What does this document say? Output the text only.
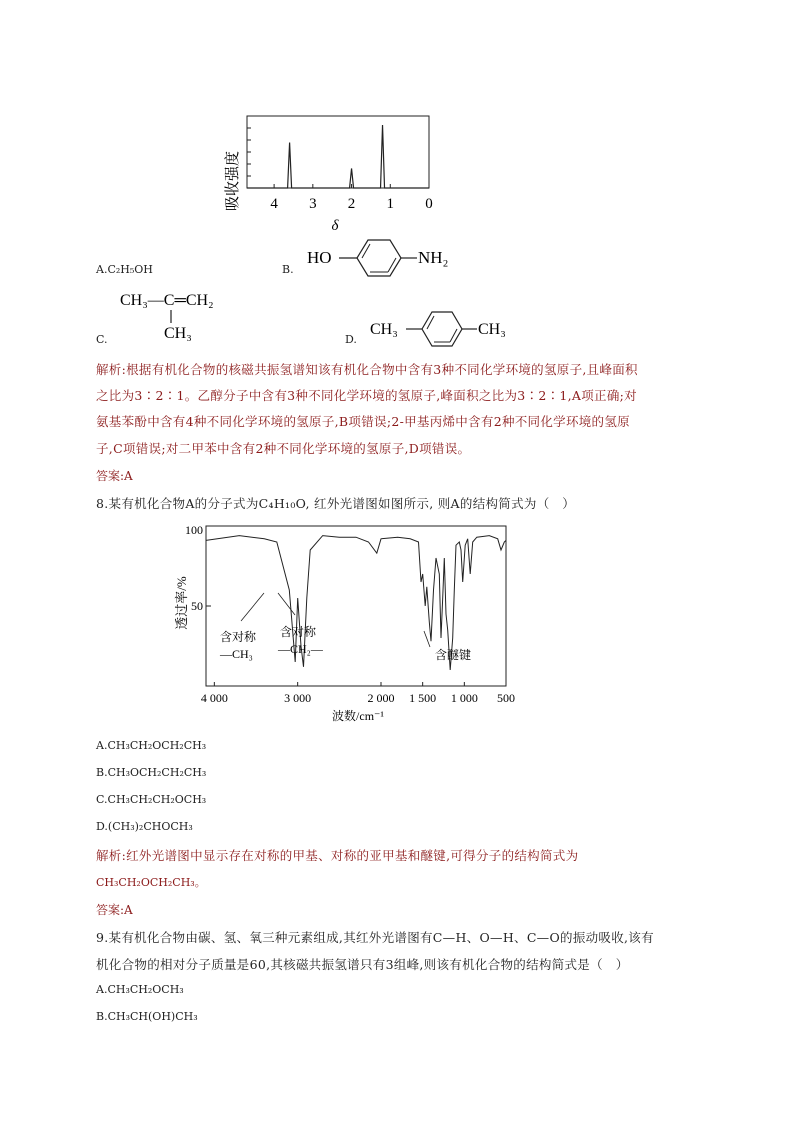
吸收强度 4 3 2 1 0
δ
A.C₂H₅OH	B.
HO	NH₂
C.
CH₃—C═CH₂
CH₃	D.
CH₃	CH₃
解析:根据有机化合物的核磁共振氢谱知该有机化合物中含有3种不同化学环境的氢原子,且峰面积
之比为3∶2∶1。乙醇分子中含有3种不同化学环境的氢原子,峰面积之比为3∶2∶1,A项正确;对
氨基苯酚中含有4种不同化学环境的氢原子,B项错误;2-甲基丙烯中含有2种不同化学环境的氢原
子,C项错误;对二甲苯中含有2种不同化学环境的氢原子,D项错误。
答案:A
8.某有机化合物A的分子式为C₄H₁₀O, 红外光谱图如图所示, 则A的结构简式为（　）
透过率/%
100
50
4 000	3 000	2 000 1 500 1 000 500
波数/cm⁻¹
含对称
—CH₃
含对称
—CH₂—	含醚键
A.CH₃CH₂OCH₂CH₃
B.CH₃OCH₂CH₂CH₃
C.CH₃CH₂CH₂OCH₃
D.(CH₃)₂CHOCH₃
解析:红外光谱图中显示存在对称的甲基、对称的亚甲基和醚键,可得分子的结构简式为
CH₃CH₂OCH₂CH₃。
答案:A
9.某有机化合物由碳、氢、氧三种元素组成,其红外光谱图有C—H、O—H、C—O的振动吸收,该有
机化合物的相对分子质量是60,其核磁共振氢谱只有3组峰,则该有机化合物的结构简式是（　）
A.CH₃CH₂OCH₃
B.CH₃CH(OH)CH₃
